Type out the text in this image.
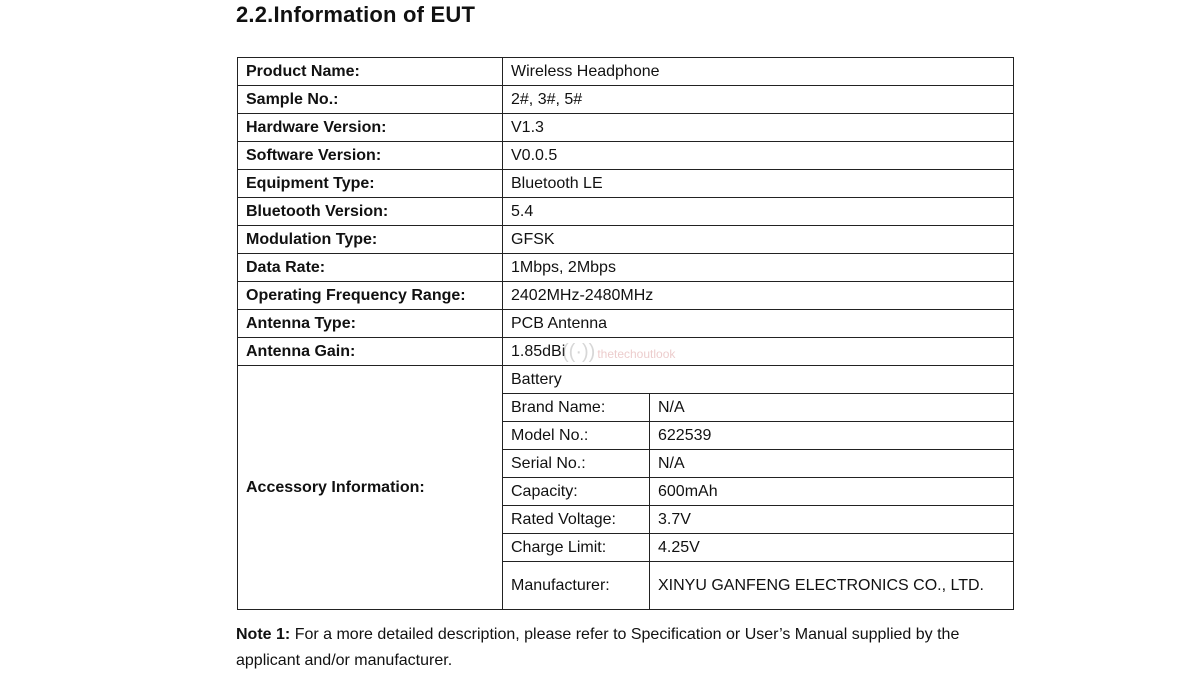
2.2.Information of EUT
Product Name:	Wireless Headphone	
Sample No.:	2#, 3#, 5#	
Hardware Version:	V1.3	
Software Version:	V0.0.5	
Equipment Type:	Bluetooth LE	
Bluetooth Version:	5.4	
Modulation Type:	GFSK	
Data Rate:	1Mbps, 2Mbps	
Operating Frequency Range:	2402MHz-2480MHz	
Antenna Type:	PCB Antenna	
Antenna Gain:	1.85dBi	
Accessory Information:	Battery	
	Brand Name:	N/A
	Model No.:	622539
	Serial No.:	N/A
	Capacity:	600mAh
	Rated Voltage:	3.7V
	Charge Limit:	4.25V
	Manufacturer:	XINYU GANFENG ELECTRONICS CO., LTD.
((·)) thetechoutlook
Note 1: For a more detailed description, please refer to Specification or User’s Manual supplied by the applicant and/or manufacturer.
